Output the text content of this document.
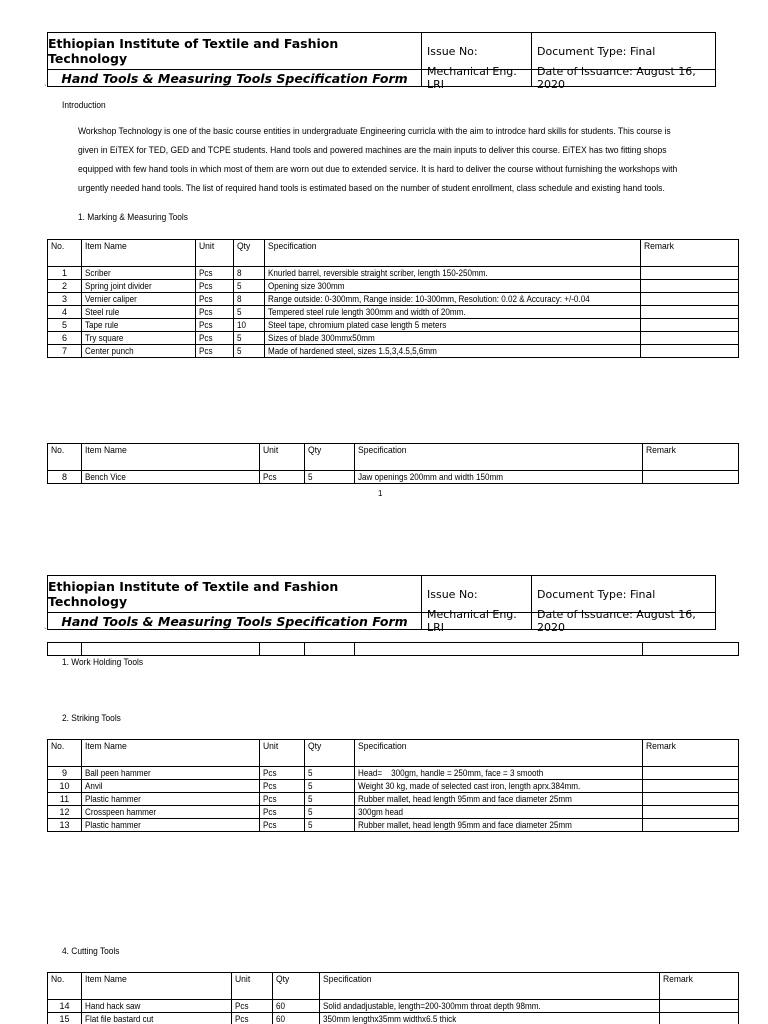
Ethiopian Institute of Textile and Fashion Technology	Issue No:	Document Type: Final
Hand Tools & Measuring Tools Specification Form	Mechanical Eng. LRI
Date of Issuance: August 16, 2020
`
Introduction
Workshop Technology is one of the basic course entities in undergraduate Engineering curricla with the aim to introdce hard skills for students. This course is
given in EiTEX for TED, GED and TCPE students. Hand tools and powered machines are the main inputs to deliver this course. EiTEX has two fitting shops
equipped with few hand tools in which most of them are worn out due to extended service. It is hard to deliver the course without furnishing the workshops with
urgently needed hand tools. The list of required hand tools is estimated based on the number of student enrollment, class schedule and existing hand tools.
1. Marking & Measuring Tools
No.	Item Name	Unit	Qty	Specification	Remark
1	Scriber	Pcs	8	Knurled barrel, reversible straight scriber, length 150-250mm.	
2	Spring joint divider	Pcs	5	Opening size 300mm	
3	Vernier caliper	Pcs	8	Range outside: 0-300mm, Range inside: 10-300mm, Resolution: 0.02 & Accuracy: +/-0.04	
4	Steel rule	Pcs	5	Tempered steel rule length 300mm and width of 20mm.	
5	Tape rule	Pcs	10	Steel tape, chromium plated case length 5 meters	
6	Try square	Pcs	5	Sizes of blade 300mmx50mm	
7	Center punch	Pcs	5	Made of hardened steel, sizes 1.5,3,4.5,5,6mm	
No.	Item Name	Unit	Qty	Specification	Remark
8	Bench Vice	Pcs	5	Jaw openings 200mm and width 150mm	
1
Ethiopian Institute of Textile and Fashion Technology	Issue No:	Document Type: Final
Hand Tools & Measuring Tools Specification Form	Mechanical Eng. LRI
Date of Issuance: August 16, 2020
`

1. Work Holding Tools
2. Striking Tools
No.	Item Name	Unit	Qty	Specification	Remark
9	Ball peen hammer	Pcs	5	Head=    300gm, handle = 250mm, face = 3 smooth	
10	Anvil	Pcs	5	Weight 30 kg, made of selected cast iron, length aprx.384mm.	
11	Plastic hammer	Pcs	5	Rubber mallet, head length 95mm and face diameter 25mm	
12	Crosspeen hammer	Pcs	5	300gm head	
13	Plastic hammer	Pcs	5	Rubber mallet, head length 95mm and face diameter 25mm	
4. Cutting Tools
No.	Item Name	Unit	Qty	Specification	Remark
14	Hand hack saw	Pcs	60	Solid andadjustable, length=200-300mm throat depth 98mm.	
15	Flat file bastard cut	Pcs	60	350mm lengthx35mm widthx6.5 thick	
